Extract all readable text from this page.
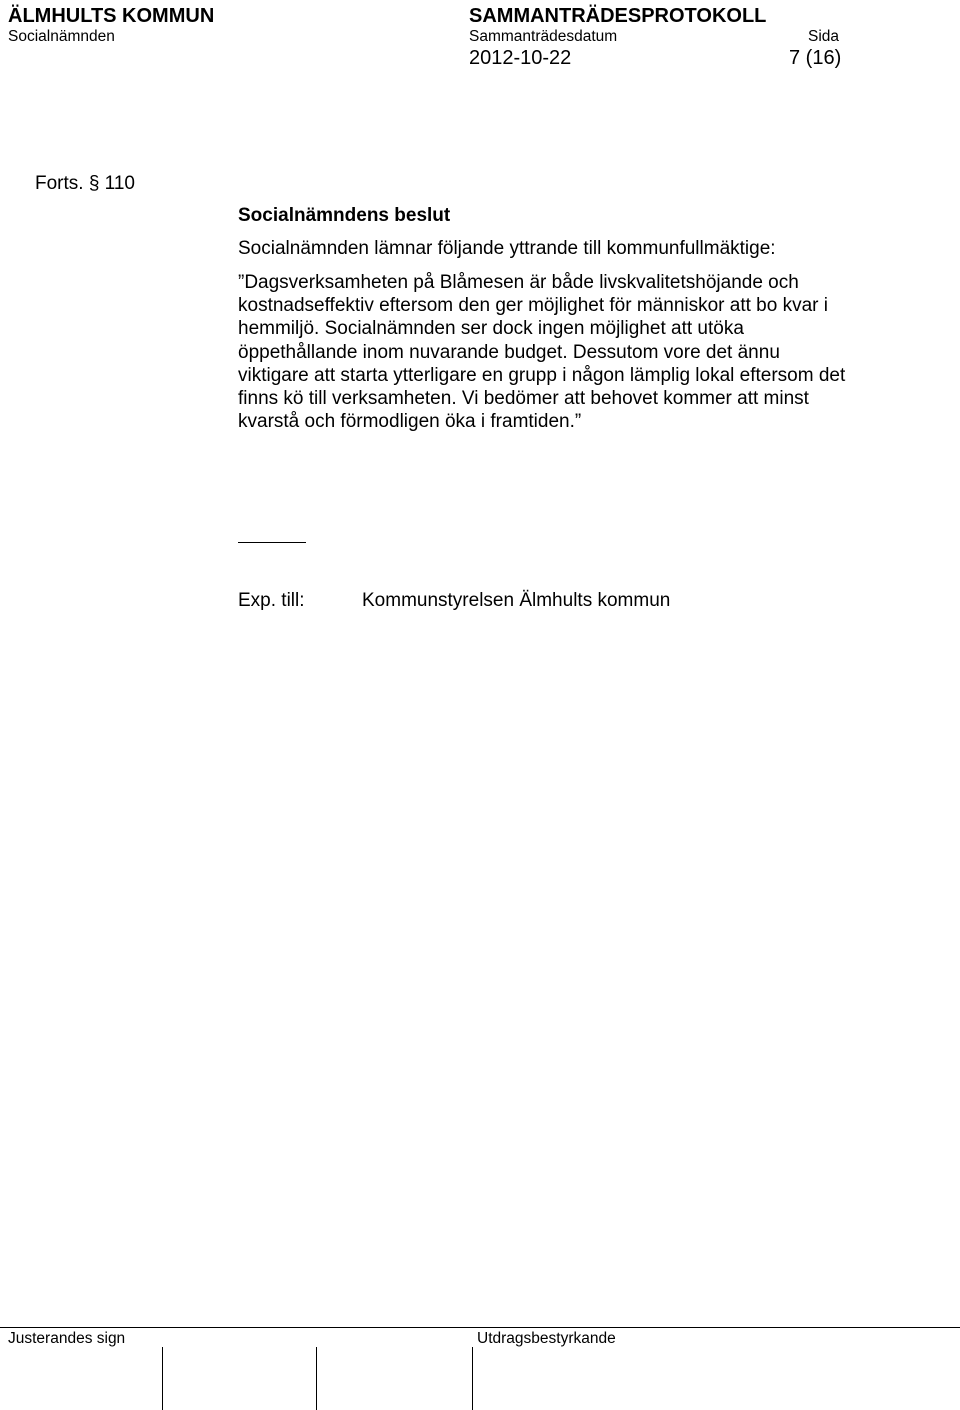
ÄLMHULTS KOMMUN	SAMMANTRÄDESPROTOKOLL
Socialnämnden	Sammanträdesdatum	Sida
2012-10-22	7 (16)
Forts. § 110
Socialnämndens beslut
Socialnämnden lämnar följande yttrande till kommunfullmäktige:
”Dagsverksamheten på Blåmesen är både livskvalitetshöjande och
kostnadseffektiv eftersom den ger möjlighet för människor att bo kvar i
hemmiljö. Socialnämnden ser dock ingen möjlighet att utöka
öppethållande inom nuvarande budget. Dessutom vore det ännu
viktigare att starta ytterligare en grupp i någon lämplig lokal eftersom det
finns kö till verksamheten. Vi bedömer att behovet kommer att minst
kvarstå och förmodligen öka i framtiden.”
Exp. till:	Kommunstyrelsen Älmhults kommun
Justerandes sign	Utdragsbestyrkande
